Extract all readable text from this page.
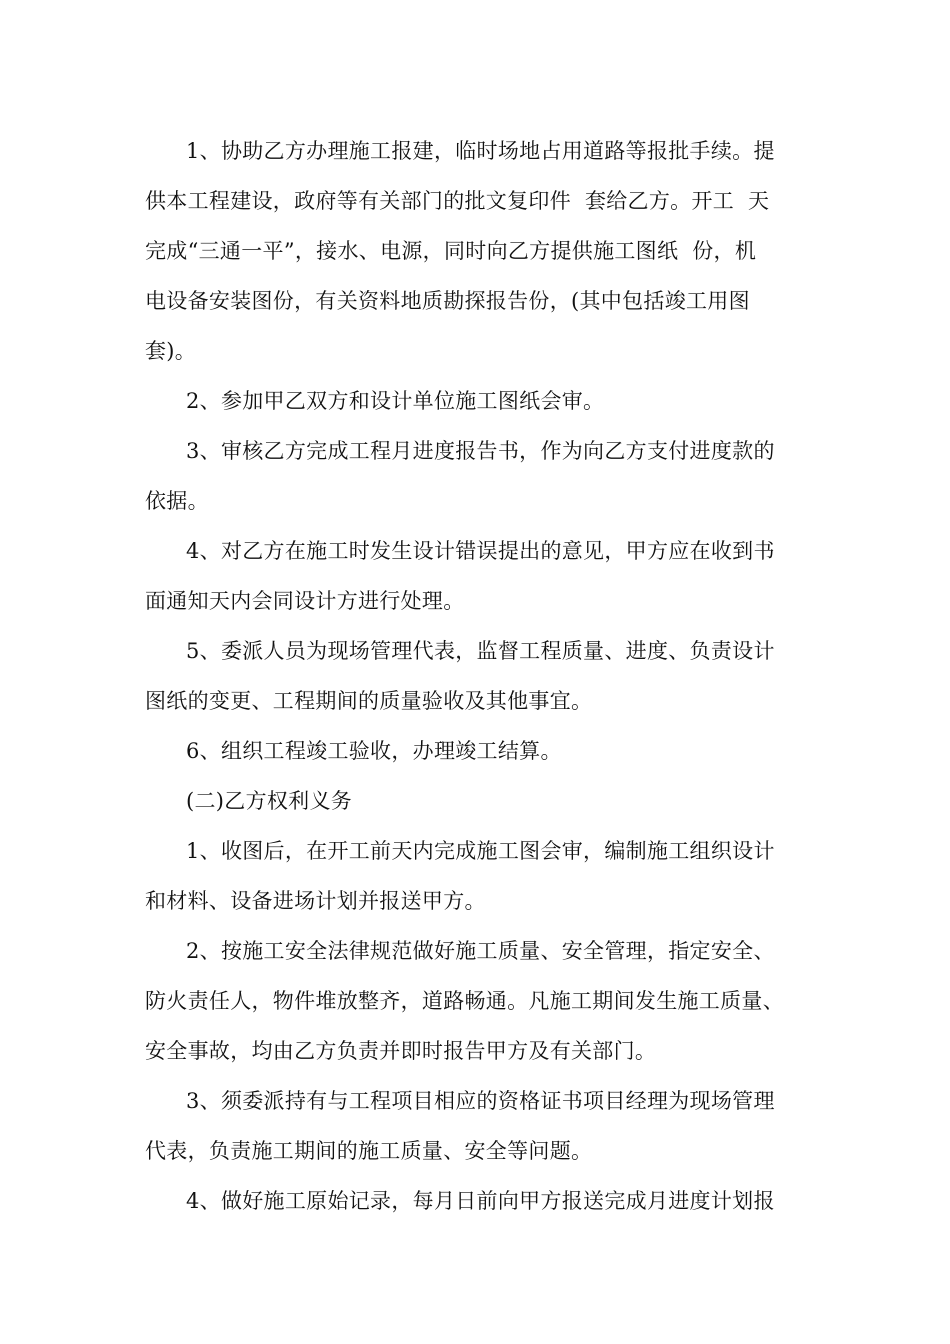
1、协助乙方办理施工报建，临时场地占用道路等报批手续。提
供本工程建设，政府等有关部门的批文复印件  套给乙方。开工  天
完成“三通一平”，接水、电源，同时向乙方提供施工图纸  份，机
电设备安装图份，有关资料地质勘探报告份，(其中包括竣工用图
套)。
2、参加甲乙双方和设计单位施工图纸会审。
3、审核乙方完成工程月进度报告书，作为向乙方支付进度款的
依据。
4、对乙方在施工时发生设计错误提出的意见，甲方应在收到书
面通知天内会同设计方进行处理。
5、委派人员为现场管理代表，监督工程质量、进度、负责设计
图纸的变更、工程期间的质量验收及其他事宜。
6、组织工程竣工验收，办理竣工结算。
(二)乙方权利义务
1、收图后，在开工前天内完成施工图会审，编制施工组织设计
和材料、设备进场计划并报送甲方。
2、按施工安全法律规范做好施工质量、安全管理，指定安全、
防火责任人，物件堆放整齐，道路畅通。凡施工期间发生施工质量、
安全事故，均由乙方负责并即时报告甲方及有关部门。
3、须委派持有与工程项目相应的资格证书项目经理为现场管理
代表，负责施工期间的施工质量、安全等问题。
4、做好施工原始记录，每月日前向甲方报送完成月进度计划报
